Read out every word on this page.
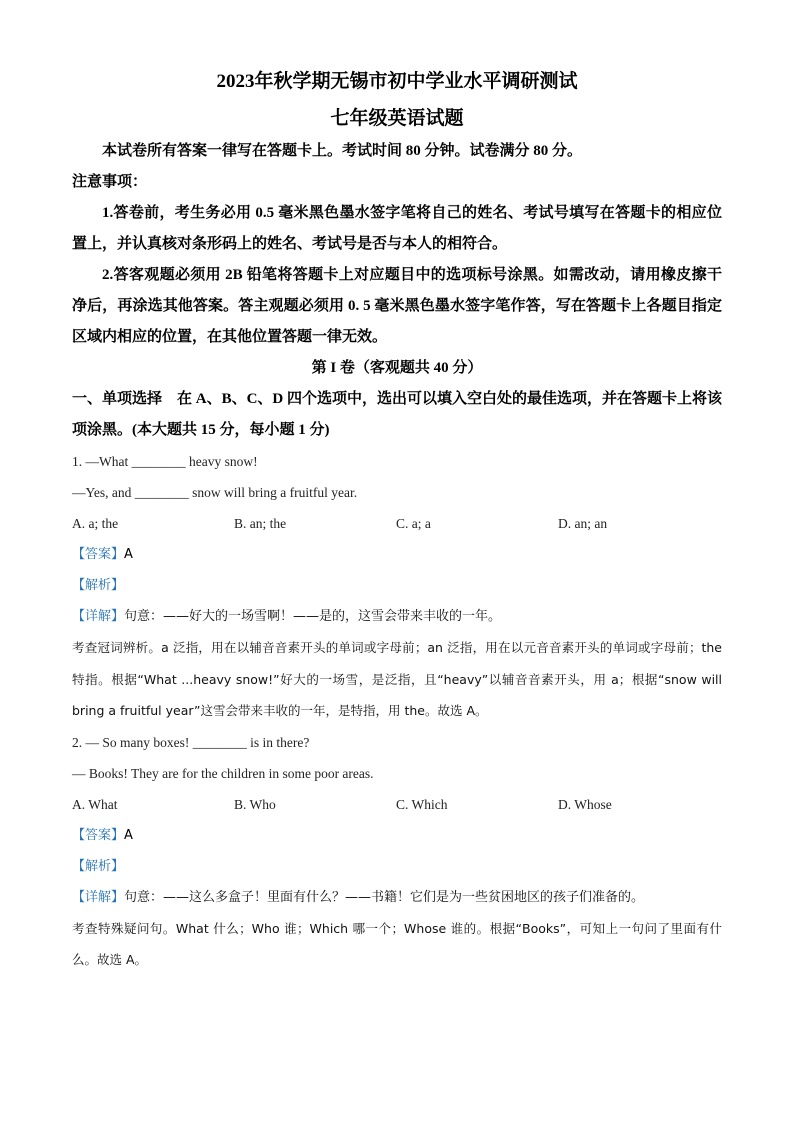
2023年秋学期无锡市初中学业水平调研测试
七年级英语试题
本试卷所有答案一律写在答题卡上。考试时间 80 分钟。试卷满分 80 分。
注意事项：
1.答卷前，考生务必用 0.5 毫米黑色墨水签字笔将自己的姓名、考试号填写在答题卡的相应位置上，并认真核对条形码上的姓名、考试号是否与本人的相符合。
2.答客观题必须用 2B 铅笔将答题卡上对应题目中的选项标号涂黑。如需改动，请用橡皮擦干净后，再涂选其他答案。答主观题必须用 0. 5 毫米黑色墨水签字笔作答，写在答题卡上各题目指定区域内相应的位置，在其他位置答题一律无效。
第 I 卷（客观题共 40 分）
一、单项选择　在 A、B、C、D 四个选项中，选出可以填入空白处的最佳选项，并在答题卡上将该项涂黑。(本大题共 15 分，每小题 1 分)
1. —What ________ heavy snow!
—Yes, and ________ snow will bring a fruitful year.
A. a; the	B. an; the	C. a; a	D. an; an
【答案】A
【解析】
【详解】句意：——好大的一场雪啊！——是的，这雪会带来丰收的一年。
考查冠词辨析。a 泛指，用在以辅音音素开头的单词或字母前；an 泛指，用在以元音音素开头的单词或字母前；the 特指。根据“What ...heavy snow!”好大的一场雪，是泛指，且“heavy”以辅音音素开头，用 a；根据“snow will bring a fruitful year”这雪会带来丰收的一年，是特指，用 the。故选 A。
2. — So many boxes! ________ is in there?
— Books! They are for the children in some poor areas.
A. What	B. Who	C. Which	D. Whose
【答案】A
【解析】
【详解】句意：——这么多盒子！里面有什么？——书籍！它们是为一些贫困地区的孩子们准备的。
考查特殊疑问句。What 什么；Who 谁；Which 哪一个；Whose 谁的。根据“Books”，可知上一句问了里面有什么。故选 A。
